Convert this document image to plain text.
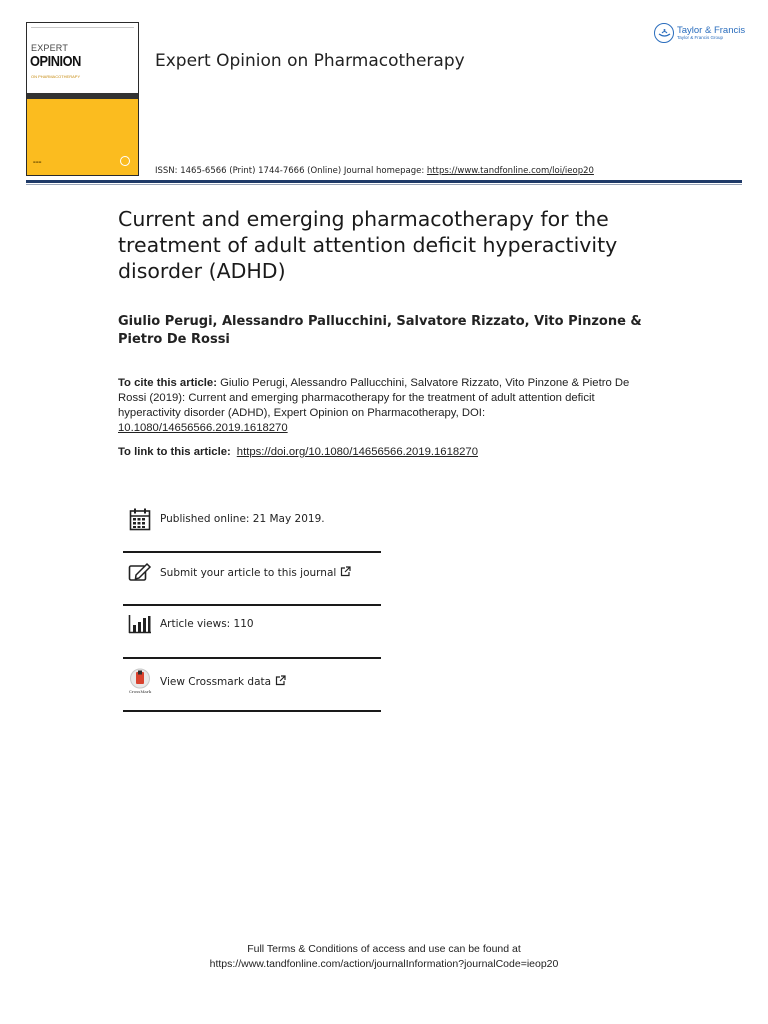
EXPERT
OPINION
ON PHARMACOTHERAPY
▬▬▬
Expert Opinion on Pharmacotherapy
ISSN: 1465-6566 (Print) 1744-7666 (Online) Journal homepage: https://www.tandfonline.com/loi/ieop20
Taylor & Francis
Taylor & Francis Group
Current and emerging pharmacotherapy for the treatment of adult attention deficit hyperactivity disorder (ADHD)
Giulio Perugi, Alessandro Pallucchini, Salvatore Rizzato, Vito Pinzone & Pietro De Rossi
To cite this article: Giulio Perugi, Alessandro Pallucchini, Salvatore Rizzato, Vito Pinzone & Pietro De Rossi (2019): Current and emerging pharmacotherapy for the treatment of adult attention deficit hyperactivity disorder (ADHD), Expert Opinion on Pharmacotherapy, DOI: 10.1080/14656566.2019.1618270
To link to this article: https://doi.org/10.1080/14656566.2019.1618270
Published online: 21 May 2019.
Submit your article to this journal
Article views: 110
CrossMark
View Crossmark data
Full Terms & Conditions of access and use can be found at
https://www.tandfonline.com/action/journalInformation?journalCode=ieop20
